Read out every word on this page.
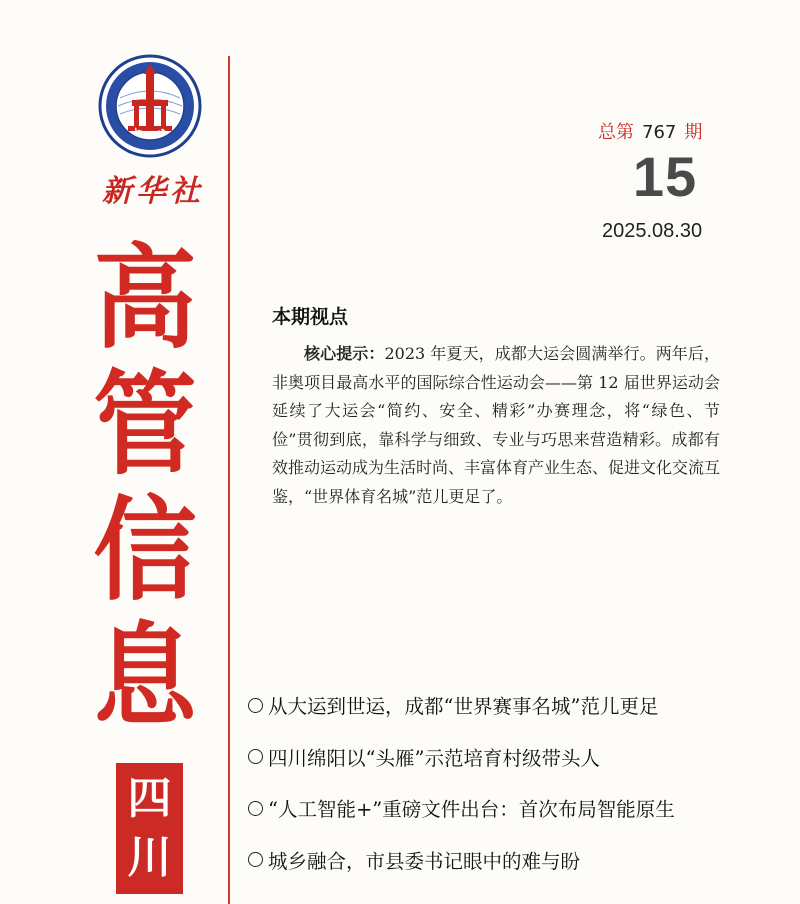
XINHUA
新华社
高
管
信
息
四
川
总第 767 期
15
2025.08.30
本期视点
核心提示：2023 年夏天，成都大运会圆满举行。两年后，非奥项目最高水平的国际综合性运动会——第 12 届世界运动会延续了大运会“简约、安全、精彩”办赛理念，将“绿色、节俭”贯彻到底，靠科学与细致、专业与巧思来营造精彩。成都有效推动运动成为生活时尚、丰富体育产业生态、促进文化交流互鉴，“世界体育名城”范儿更足了。
从大运到世运，成都“世界赛事名城”范儿更足
四川绵阳以“头雁”示范培育村级带头人
“人工智能+”重磅文件出台：首次布局智能原生
城乡融合，市县委书记眼中的难与盼
